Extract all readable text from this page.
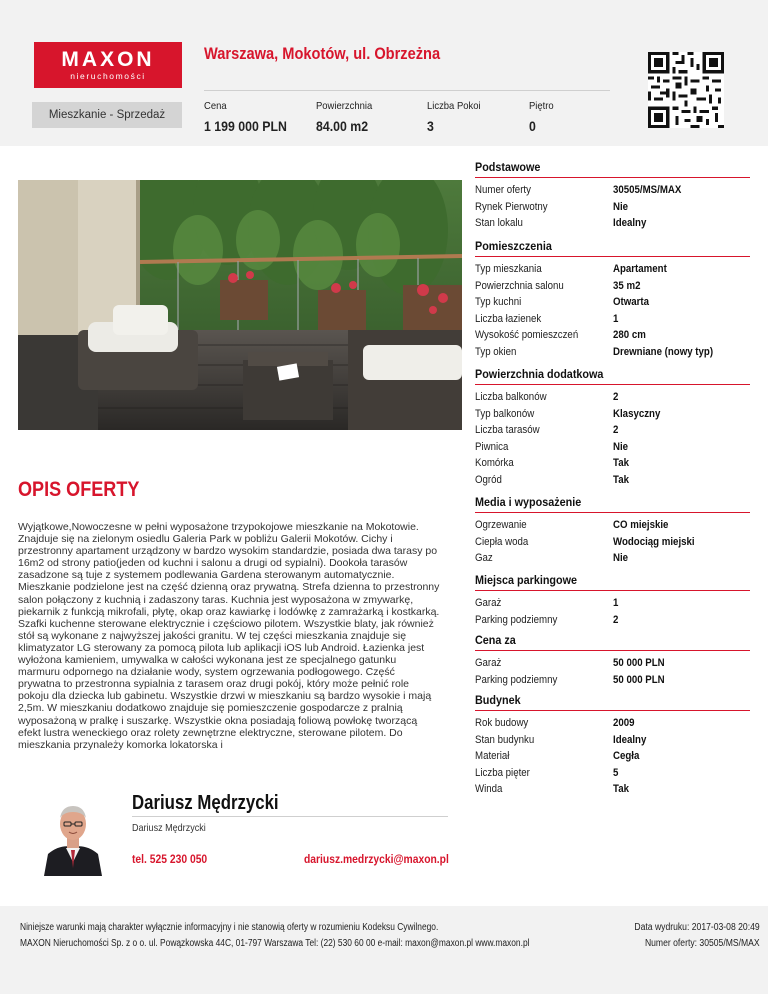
MAXON
nieruchomości
Warszawa, Mokotów, ul. Obrzeżna
Mieszkanie - Sprzedaż
Cena
1 199 000 PLN
Powierzchnia
84.00 m2
Liczba Pokoi
3
Piętro
0
OPIS OFERTY
Wyjątkowe,Nowoczesne w pełni wyposażone trzypokojowe mieszkanie na Mokotowie. Znajduje się na zielonym osiedlu Galeria Park w pobliżu Galerii Mokotów. Cichy i przestronny apartament urządzony w bardzo wysokim standardzie, posiada dwa tarasy po 16m2 od strony patio(jeden od kuchni i salonu a drugi od sypialni). Dookoła tarasów zasadzone są tuje z systemem podlewania Gardena sterowanym automatycznie. Mieszkanie podzielone jest na część dzienną oraz prywatną. Strefa dzienna to przestronny salon połączony z kuchnią i zadaszony taras. Kuchnia jest wyposażona w zmywarkę, piekarnik z funkcją mikrofali, płytę, okap oraz kawiarkę i lodówkę z zamrażarką i kostkarką. Szafki kuchenne sterowane elektrycznie i częściowo pilotem. Wszystkie blaty, jak również stół są wykonane z najwyższej jakości granitu. W tej części mieszkania znajduje się klimatyzator LG sterowany za pomocą pilota lub aplikacji iOS lub Android. Łazienka jest wyłożona kamieniem, umywalka w całości wykonana jest ze specjalnego gatunku marmuru odpornego na działanie wody, system ogrzewania podłogowego. Część prywatna to przestronna sypialnia z tarasem oraz drugi pokój, który może pełnić role pokoju dla dziecka lub gabinetu. Wszystkie drzwi w mieszkaniu są bardzo wysokie i mają 2,5m. W mieszkaniu dodatkowo znajduje się pomieszczenie gospodarcze z pralnią wyposażoną w pralkę i suszarkę. Wszystkie okna posiadają foliową powłokę tworzącą efekt lustra weneckiego oraz rolety zewnętrzne elektryczne, sterowane pilotem. Do mieszkania przynależy komorka lokatorska i
Podstawowe
Numer oferty	30505/MS/MAX
Rynek Pierwotny	Nie
Stan lokalu	Idealny
Pomieszczenia
Typ mieszkania	Apartament
Powierzchnia salonu	35 m2
Typ kuchni	Otwarta
Liczba łazienek	1
Wysokość pomieszczeń	280 cm
Typ okien	Drewniane (nowy typ)
Powierzchnia dodatkowa
Liczba balkonów	2
Typ balkonów	Klasyczny
Liczba tarasów	2
Piwnica	Nie
Komórka	Tak
Ogród	Tak
Media i wyposażenie
Ogrzewanie	CO miejskie
Ciepła woda	Wodociąg miejski
Gaz	Nie
Miejsca parkingowe
Garaż	1
Parking podziemny	2
Cena za
Garaż	50 000 PLN
Parking podziemny	50 000 PLN
Budynek
Rok budowy	2009
Stan budynku	Idealny
Materiał	Cegła
Liczba pięter	5
Winda	Tak
Dariusz Mędrzycki
Dariusz Mędrzycki
tel. 525 230 050	dariusz.medrzycki@maxon.pl
Niniejsze warunki mają charakter wyłącznie informacyjny i nie stanowią oferty w rozumieniu Kodeksu Cywilnego.
MAXON Nieruchomości Sp. z o o. ul. Powązkowska 44C, 01-797 Warszawa Tel: (22) 530 60 00 e-mail: maxon@maxon.pl www.maxon.pl
Data wydruku: 2017-03-08 20:49
Numer oferty: 30505/MS/MAX
